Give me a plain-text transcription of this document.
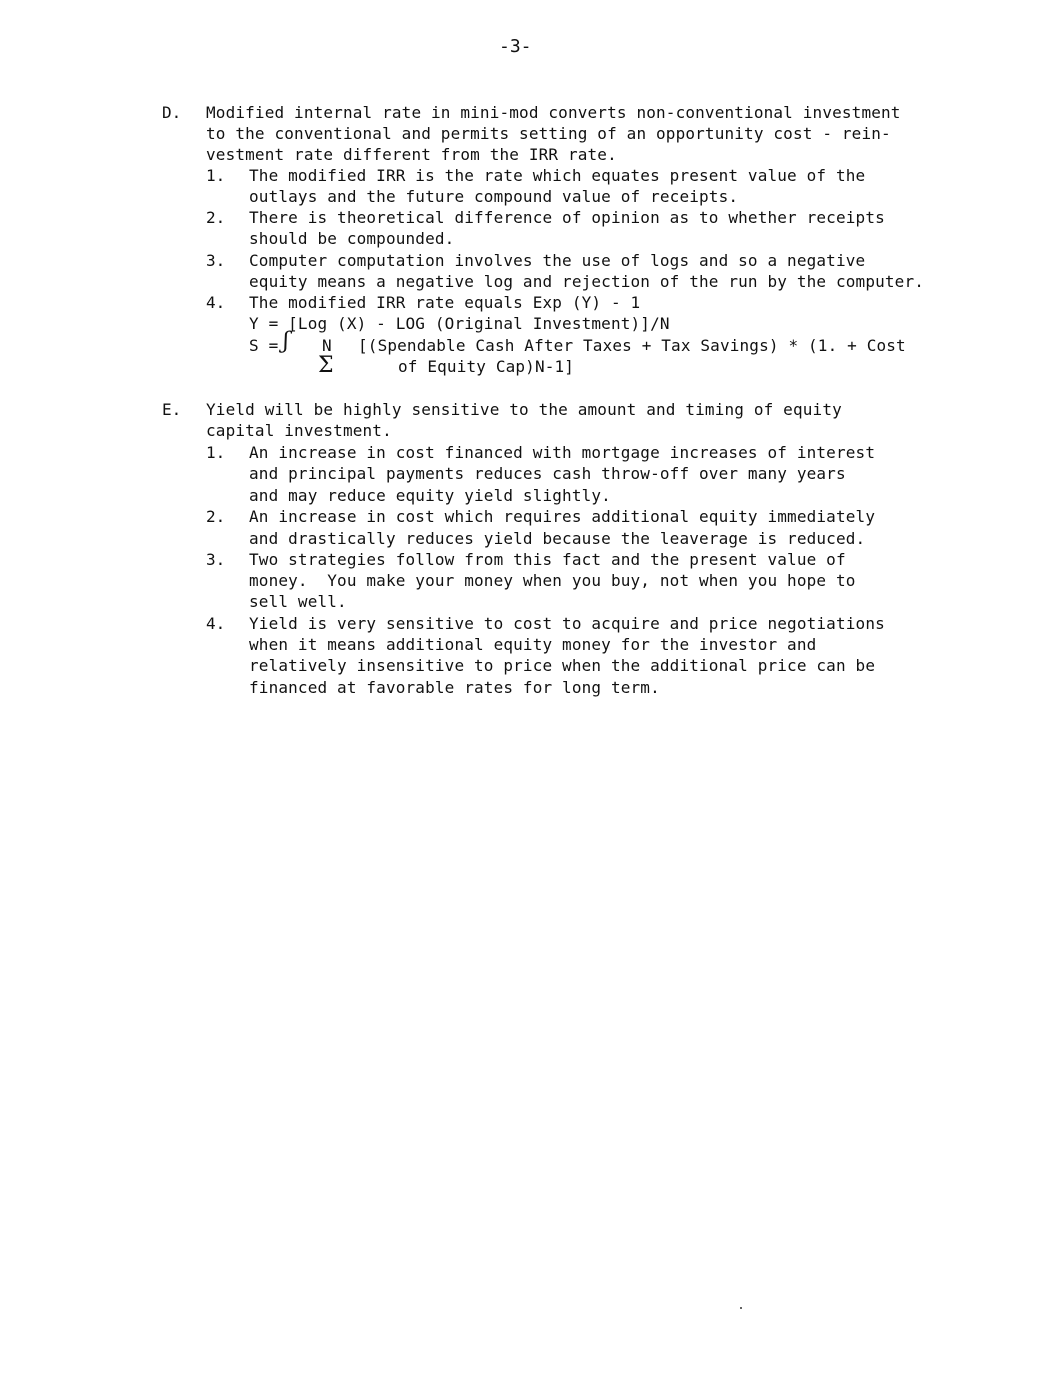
-3-
D. Modified internal rate in mini-mod converts non-conventional investment
to the conventional and permits setting of an opportunity cost - rein-
vestment rate different from the IRR rate.
1. The modified IRR is the rate which equates present value of the
outlays and the future compound value of receipts.
2. There is theoretical difference of opinion as to whether receipts
should be compounded.
3. Computer computation involves the use of logs and so a negative
equity means a negative log and rejection of the run by the computer.
4. The modified IRR rate equals Exp (Y) - 1
Y = [Log (X) - LOG (Original Investment)]/N
S = ʃ N
Σ
[(Spendable Cash After Taxes + Tax Savings) * (1. + Cost
of Equity Cap)N-1]
E. Yield will be highly sensitive to the amount and timing of equity
capital investment.
1. An increase in cost financed with mortgage increases of interest
and principal payments reduces cash throw-off over many years
and may reduce equity yield slightly.
2. An increase in cost which requires additional equity immediately
and drastically reduces yield because the leaverage is reduced.
3. Two strategies follow from this fact and the present value of
money.  You make your money when you buy, not when you hope to
sell well.
4. Yield is very sensitive to cost to acquire and price negotiations
when it means additional equity money for the investor and
relatively insensitive to price when the additional price can be
financed at favorable rates for long term.
